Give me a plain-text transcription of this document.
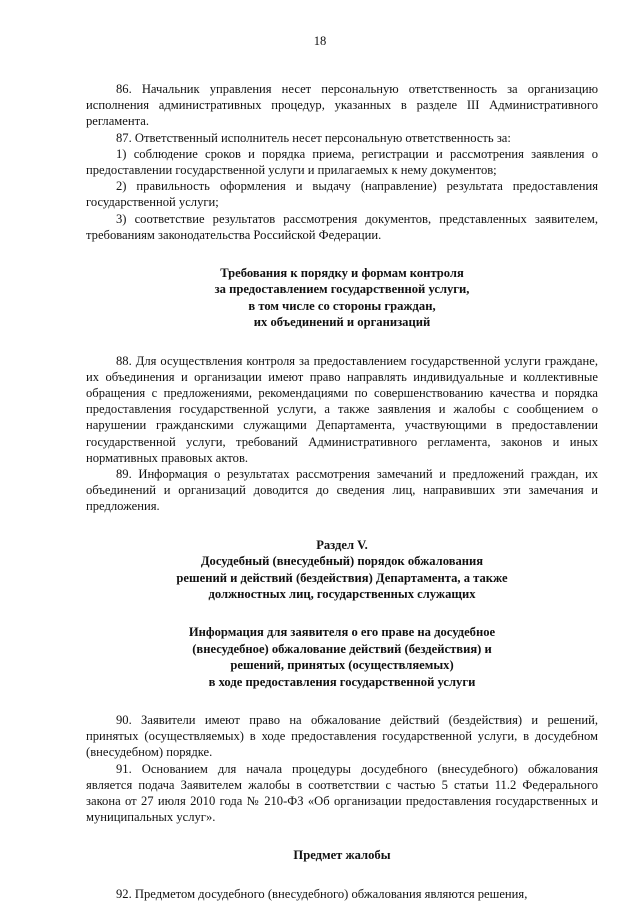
18

86. Начальник управления несет персональную ответственность за организацию исполнения административных процедур, указанных в разделе III Административного регламента.

87. Ответственный исполнитель несет персональную ответственность за:

1) соблюдение сроков и порядка приема, регистрации и рассмотрения заявления о предоставлении государственной услуги и прилагаемых к нему документов;

2) правильность оформления и выдачу (направление) результата предоставления государственной услуги;

3) соответствие результатов рассмотрения документов, представленных заявителем, требованиям законодательства Российской Федерации.

Требования к порядку и формам контроля

за предоставлением государственной услуги,

в том числе со стороны граждан,

их объединений и организаций

88. Для осуществления контроля за предоставлением государственной услуги граждане, их объединения и организации имеют право направлять индивидуальные и коллективные обращения с предложениями, рекомендациями по совершенствованию качества и порядка предоставления государственной услуги, а также заявления и жалобы с сообщением о нарушении гражданскими служащими Департамента, участвующими в предоставлении государственной услуги, требований Административного регламента, законов и иных нормативных правовых актов.

89. Информация о результатах рассмотрения замечаний и предложений граждан, их объединений и организаций доводится до сведения лиц, направивших эти замечания и предложения.

Раздел V.

Досудебный (внесудебный) порядок обжалования

решений и действий (бездействия) Департамента, а также

должностных лиц, государственных служащих

Информация для заявителя о его праве на досудебное

(внесудебное) обжалование действий (бездействия) и

решений, принятых (осуществляемых)

в ходе предоставления государственной услуги

90. Заявители имеют право на обжалование действий (бездействия) и решений, принятых (осуществляемых) в ходе предоставления государственной услуги, в досудебном (внесудебном) порядке.

91. Основанием для начала процедуры досудебного (внесудебного) обжалования является подача Заявителем жалобы в соответствии с частью 5 статьи 11.2 Федерального закона от 27 июля 2010 года № 210-ФЗ «Об организации предоставления государственных и муниципальных услуг».

Предмет жалобы

92. Предметом досудебного (внесудебного) обжалования являются решения,
